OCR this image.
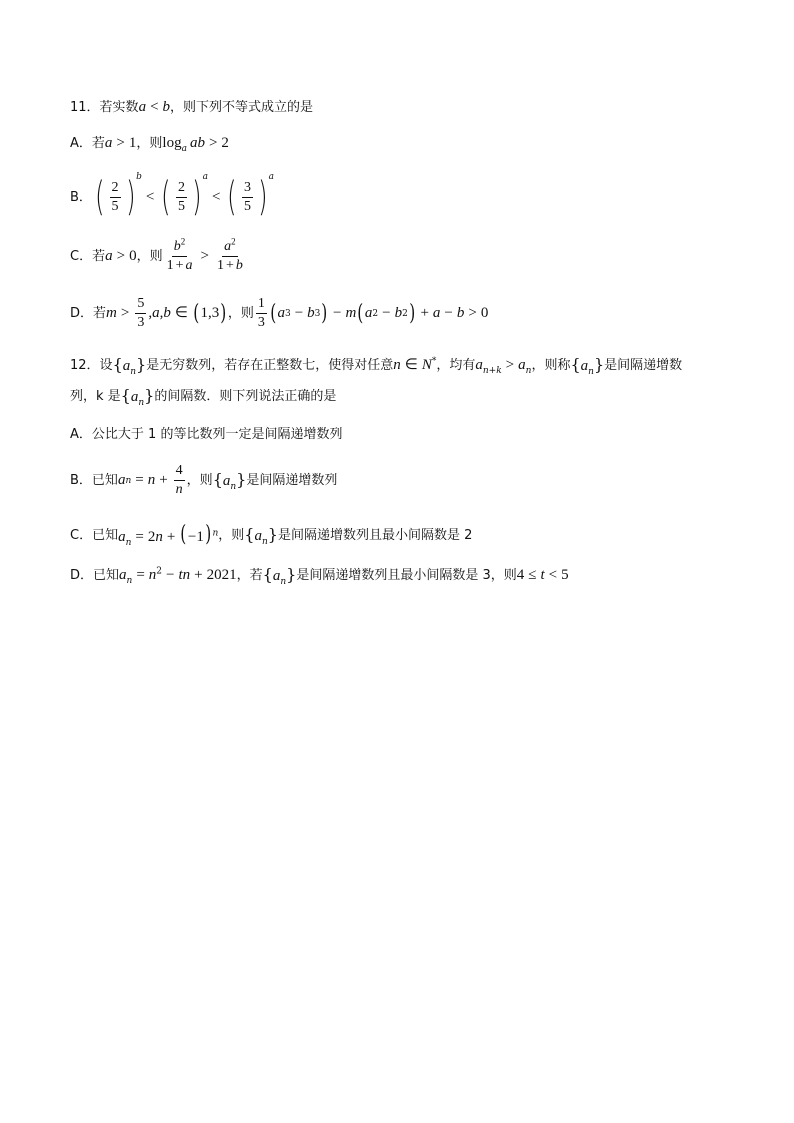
11． 若实数 a < b ，则下列不等式成立的是
A． 若 a > 1 ，则 $\log_a$ ab > 2
B． ( $\frac{2}{5}$ ) b
< ( $\frac{2}{5}$ ) a
< ( $\frac{3}{5}$ ) a
C． 若 a > 0 ，则 $\frac{b^2}{1 + a} > \frac{a^2}{1 + b}$
D． 若 $m > \frac{5}{3}$ , a , b ∈ ( 1,3 ) ，则 $\frac{1}{3}$ ( a 3 − b 3 ) − m ( a 2 − b 2 ) + a − b > 0
12． 设 $\{a_n\}$ 是无穷数列，若存在正整数七，使得对任意 n ∈ N* ，均有 $a_{n+k} > a_n$ ，则称 $\{a_n\}$ 是间隔递增数
列，k 是 $\{a_n\}$ 的间隔数．则下列说法正确的是
A． 公比大于 1 的等比数列一定是间隔递增数列
B． 已知 a $n = n + \frac{4}{n}$ ，则 $\{a_n\}$ 是间隔递增数列
C． 已知 $a_n = 2n + (-1)^n$ ，则 $\{a_n\}$ 是间隔递增数列且最小间隔数是 2
D． 已知 $a_n = n^2$ − tn + 2021 ，若 $\{a_n\}$ 是间隔递增数列且最小间隔数是 3，则 4 ≤ t < 5
